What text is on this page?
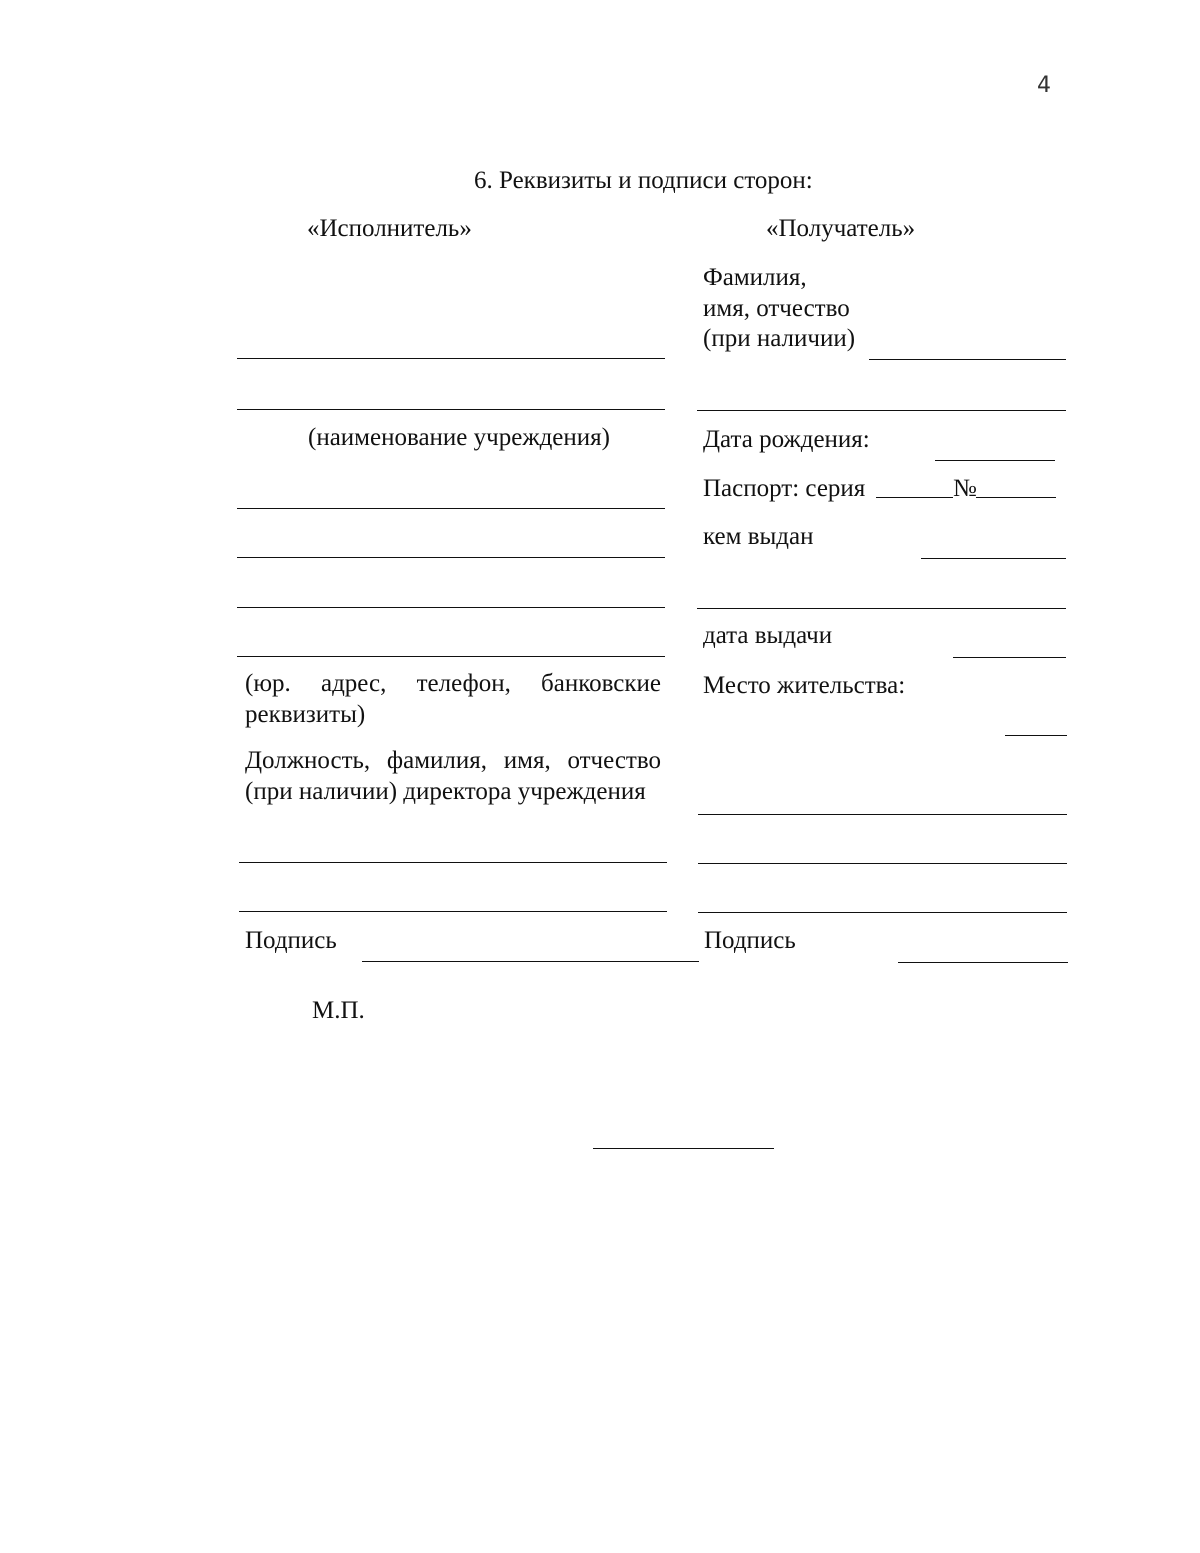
4
6. Реквизиты и подписи сторон:
«Исполнитель»
(наименование учреждения)
(юр. адрес, телефон, банковские реквизиты)
Должность, фамилия, имя, отчество (при наличии) директора учреждения
Подпись
М.П.
«Получатель»
Фамилия,
имя, отчество
(при наличии)
Дата рождения:
Паспорт: серия	№
кем выдан
дата выдачи
Место жительства:
Подпись
